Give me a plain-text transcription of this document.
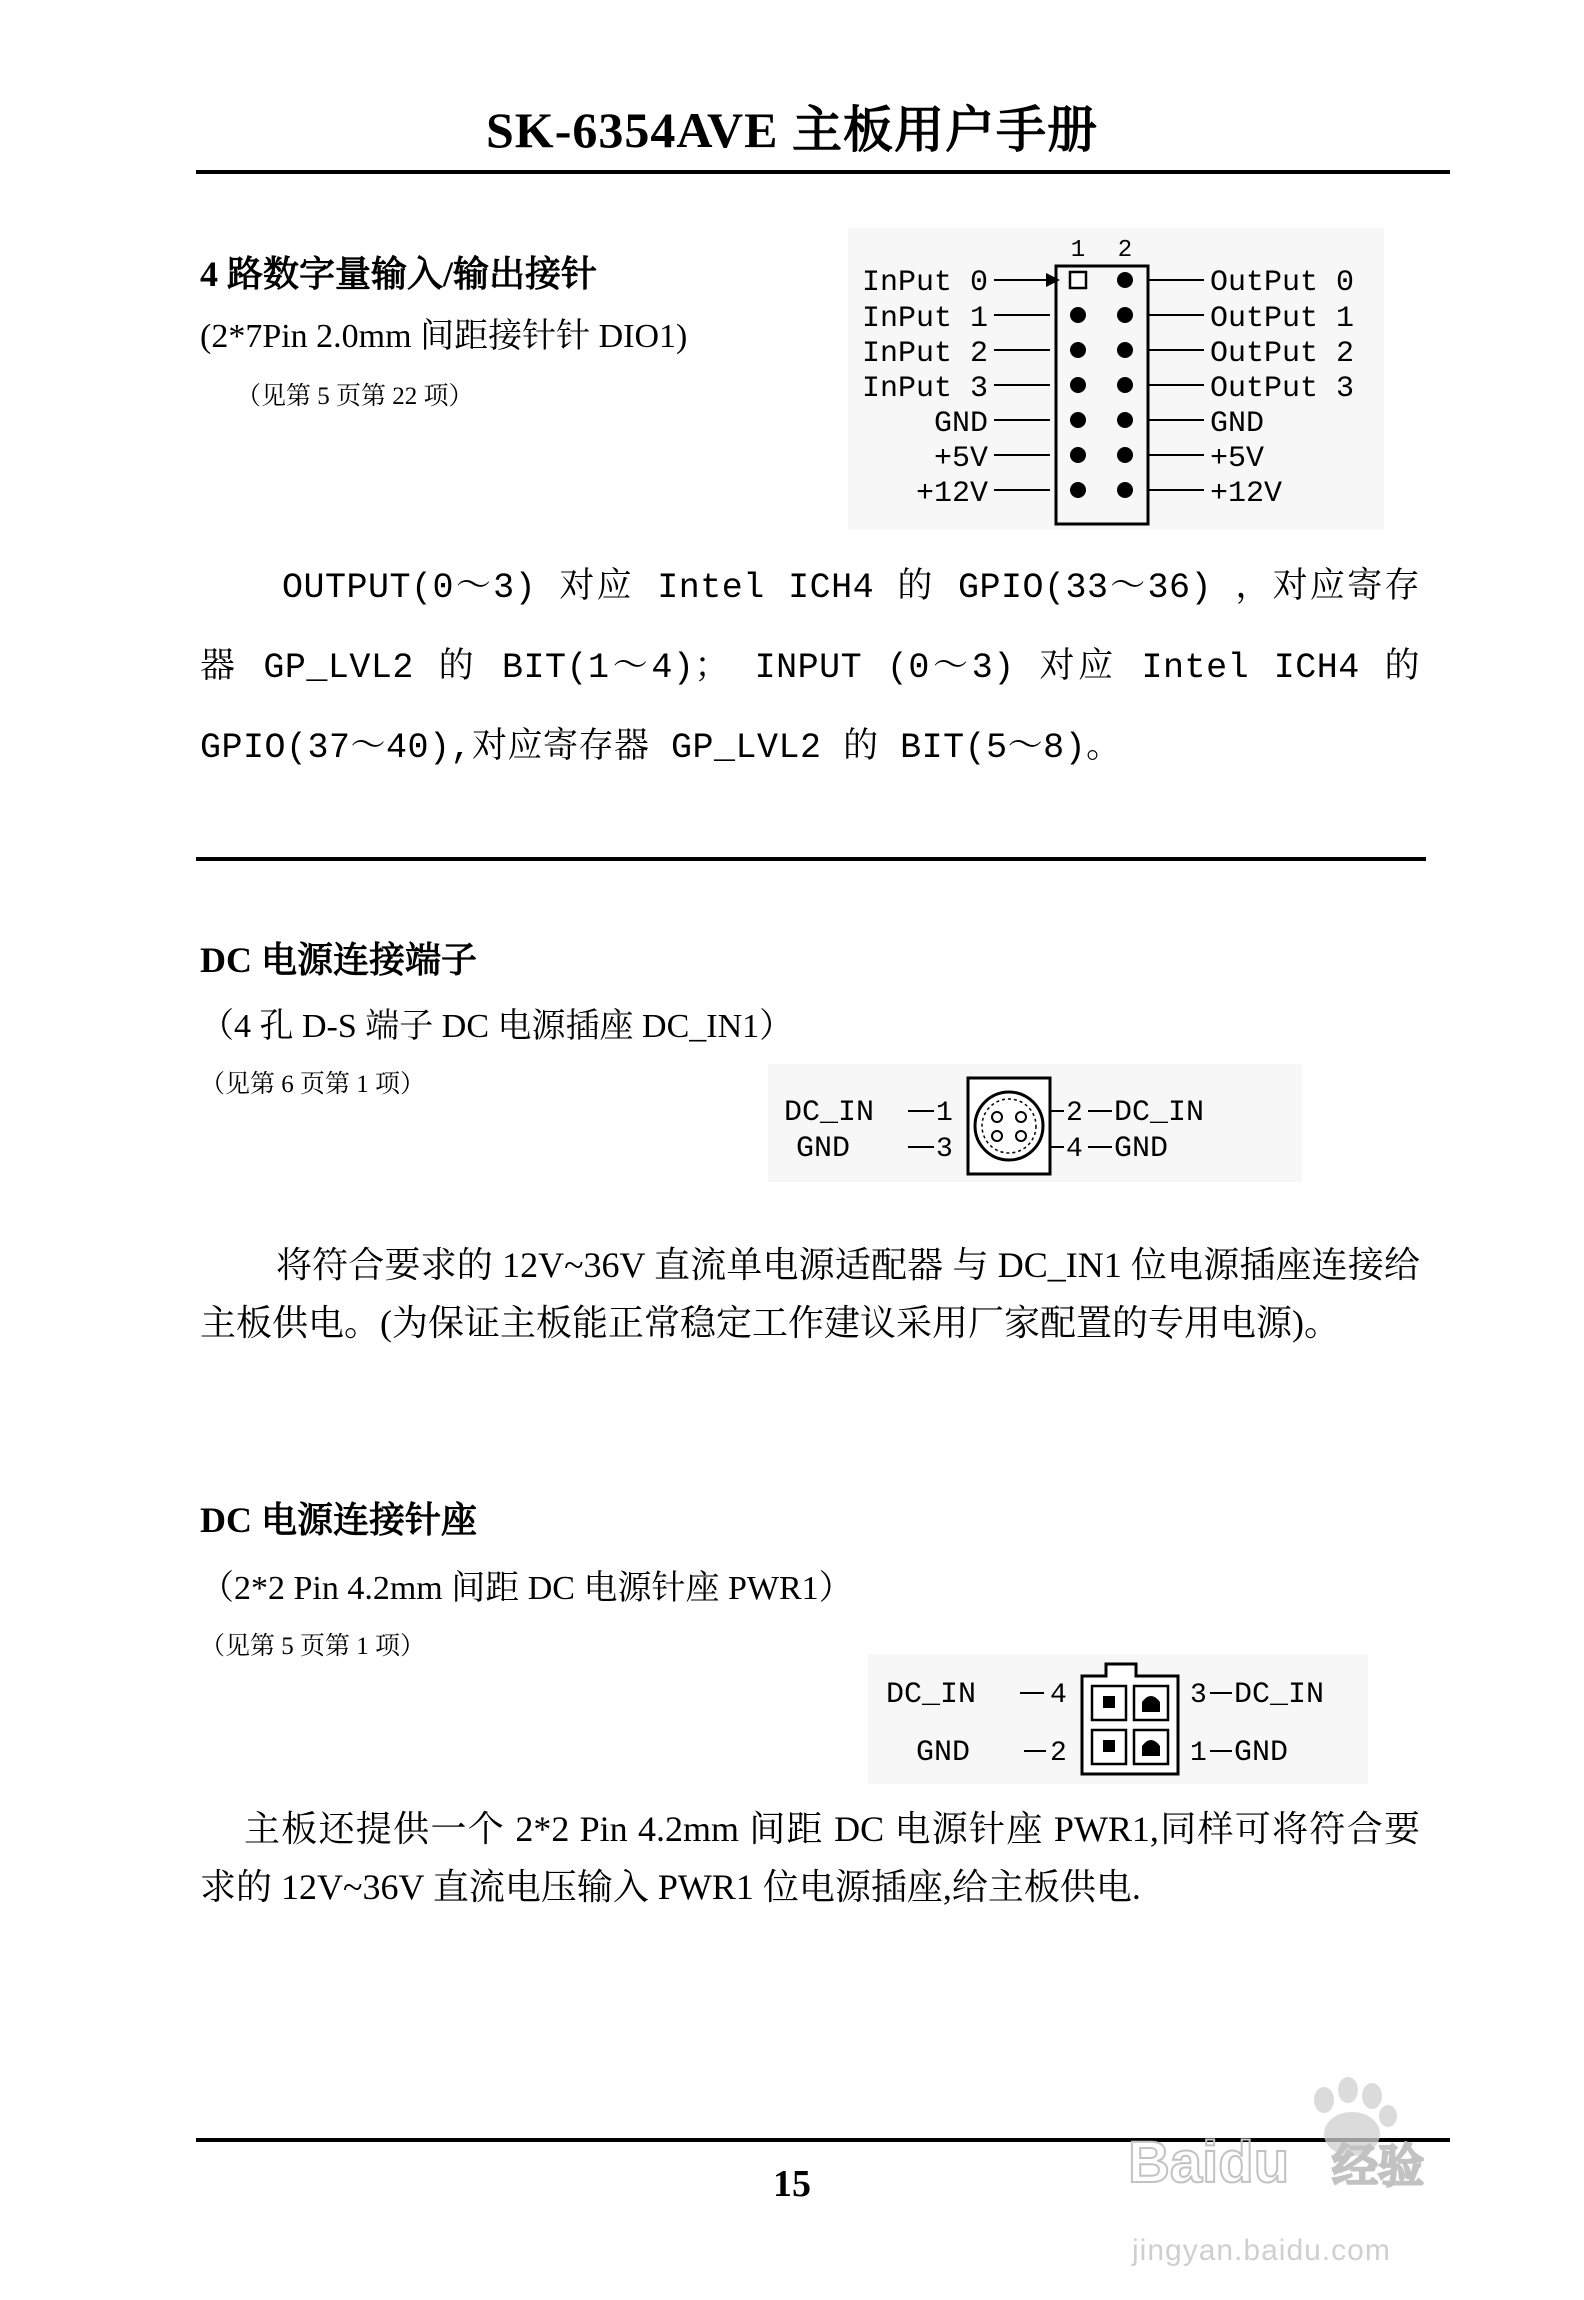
SK-6354AVE 主板用户手册
4 路数字量输入/输出接针
(2*7Pin 2.0mm 间距接针针 DIO1)
（见第 5 页第 22 项）
1 2
InPut 0
InPut 1
InPut 2
InPut 3
GND
+5V
+12V
OutPut 0
OutPut 1
OutPut 2
OutPut 3
GND
+5V
+12V
OUTPUT(0～3) 对应 Intel ICH4 的 GPIO(33～36) ，对应寄存
器 GP_LVL2 的 BIT(1～4)； INPUT (0～3) 对应 Intel ICH4 的
GPIO(37～40),对应寄存器 GP_LVL2 的 BIT(5～8)。
DC 电源连接端子
（4 孔 D-S 端子 DC 电源插座 DC_IN1）
（见第 6 页第 1 项）
DC_IN
GND
1
3
2
4
DC_IN
GND
将符合要求的 12V~36V 直流单电源适配器 与 DC_IN1 位电源插座连接给主板供电。(为保证主板能正常稳定工作建议采用厂家配置的专用电源)。
DC 电源连接针座
（2*2 Pin 4.2mm 间距 DC 电源针座 PWR1）
（见第 5 页第 1 项）
DC_IN
GND
4
2
3
1
DC_IN
GND
主板还提供一个 2*2 Pin 4.2mm 间距 DC 电源针座 PWR1,同样可将符合要求的 12V~36V 直流电压输入 PWR1 位电源插座,给主板供电.
15	Baidu 经验
jingyan.baidu.com
